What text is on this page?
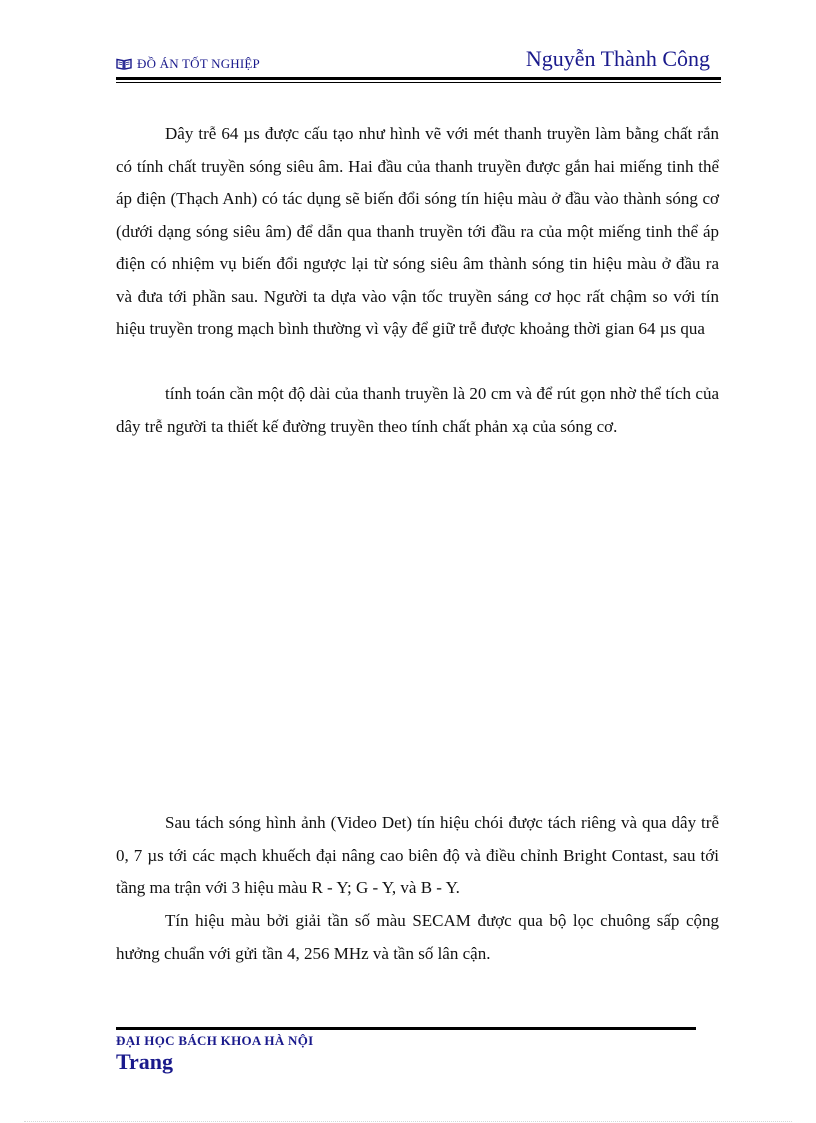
ĐỒ ÁN TỐT NGHIỆP	Nguyễn Thành Công

Dây trễ 64 µs được cấu tạo như hình vẽ với mét thanh truyền làm bằng chất rắn có tính chất truyền sóng siêu âm. Hai đầu của thanh truyền được gắn hai miếng tinh thể áp điện (Thạch Anh) có tác dụng sẽ biến đổi sóng tín hiệu màu ở đầu vào thành sóng cơ (dưới dạng sóng siêu âm) để dẫn qua thanh truyền tới đầu ra của một miếng tinh thể áp điện có nhiệm vụ biến đổi ngược lại từ sóng siêu âm thành sóng tin hiệu màu ở đầu ra và đưa tới phần sau. Người ta dựa vào vận tốc truyền sáng cơ học rất chậm so với tín hiệu truyền trong mạch bình thường vì vậy để giữ trễ được khoảng thời gian 64 µs qua

tính toán cần một độ dài của thanh truyền là 20 cm và để rút gọn nhờ thể tích của dây trễ người ta thiết kế đường truyền theo tính chất phản xạ của sóng cơ.

Sau tách sóng hình ảnh (Video Det) tín hiệu chói được tách riêng và qua dây trễ 0, 7 µs tới các mạch khuếch đại nâng cao biên độ và điều chỉnh Bright Contast, sau tới tầng ma trận với 3 hiệu màu R - Y; G - Y, và B - Y.

Tín hiệu màu bởi giải tần số màu SECAM được qua bộ lọc chuông sấp cộng hưởng chuẩn với gửi tần 4, 256 MHz và tần số lân cận.

ĐẠI HỌC BÁCH KHOA HÀ NỘI
Trang
